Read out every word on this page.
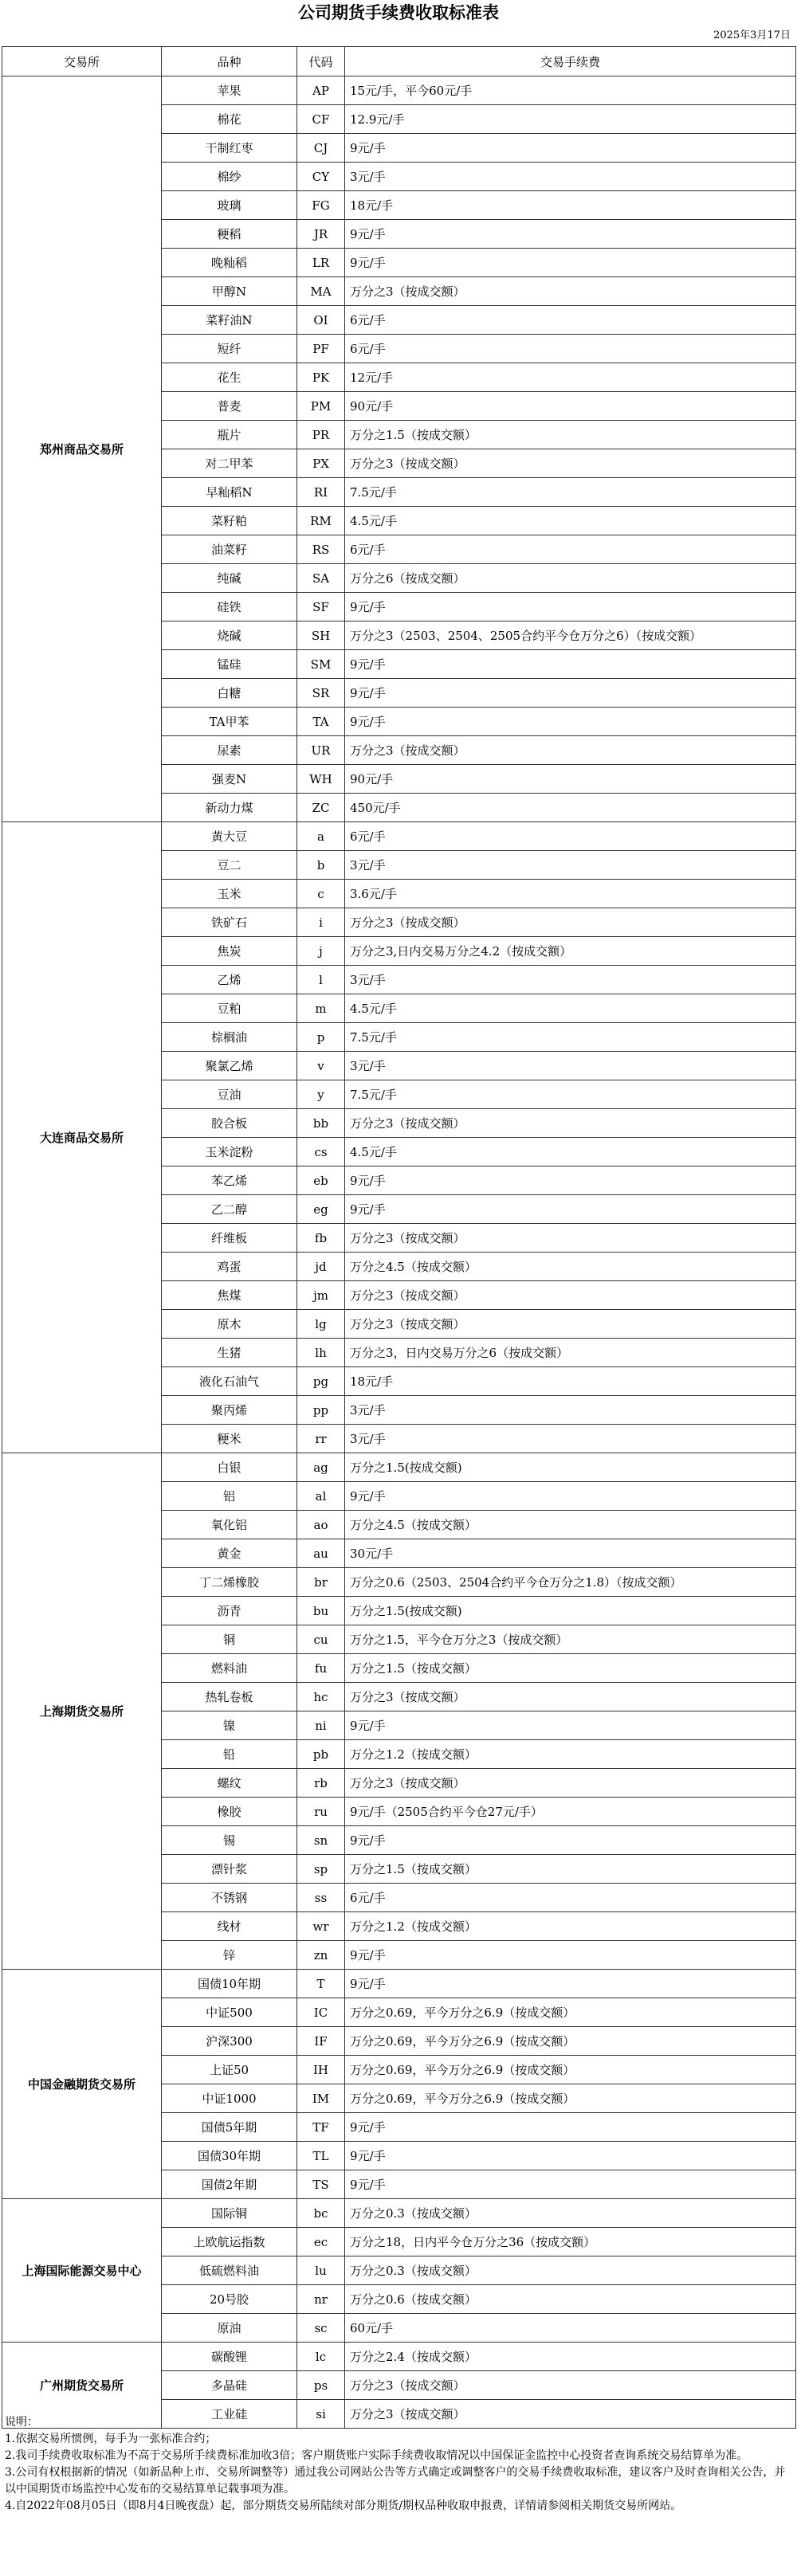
公司期货手续费收取标准表
2025年3月17日
交易所	品种	代码	交易手续费
郑州商品交易所	苹果	AP	15元/手，平今60元/手
	棉花	CF	12.9元/手
	干制红枣	CJ	9元/手
	棉纱	CY	3元/手
	玻璃	FG	18元/手
	粳稻	JR	9元/手
	晚籼稻	LR	9元/手
	甲醇N	MA	万分之3（按成交额）
	菜籽油N	OI	6元/手
	短纤	PF	6元/手
	花生	PK	12元/手
	普麦	PM	90元/手
	瓶片	PR	万分之1.5（按成交额）
	对二甲苯	PX	万分之3（按成交额）
	早籼稻N	RI	7.5元/手
	菜籽粕	RM	4.5元/手
	油菜籽	RS	6元/手
	纯碱	SA	万分之6（按成交额）
	硅铁	SF	9元/手
	烧碱	SH	万分之3（2503、2504、2505合约平今仓万分之6）（按成交额）
	锰硅	SM	9元/手
	白糖	SR	9元/手
	TA甲苯	TA	9元/手
	尿素	UR	万分之3（按成交额）
	强麦N	WH	90元/手
	新动力煤	ZC	450元/手
大连商品交易所	黄大豆	a	6元/手
	豆二	b	3元/手
	玉米	c	3.6元/手
	铁矿石	i	万分之3（按成交额）
	焦炭	j	万分之3,日内交易万分之4.2（按成交额）
	乙烯	l	3元/手
	豆粕	m	4.5元/手
	棕榈油	p	7.5元/手
	聚氯乙烯	v	3元/手
	豆油	y	7.5元/手
	胶合板	bb	万分之3（按成交额）
	玉米淀粉	cs	4.5元/手
	苯乙烯	eb	9元/手
	乙二醇	eg	9元/手
	纤维板	fb	万分之3（按成交额）
	鸡蛋	jd	万分之4.5（按成交额）
	焦煤	jm	万分之3（按成交额）
	原木	lg	万分之3（按成交额）
	生猪	lh	万分之3，日内交易万分之6（按成交额）
	液化石油气	pg	18元/手
	聚丙烯	pp	3元/手
	粳米	rr	3元/手
上海期货交易所	白银	ag	万分之1.5(按成交额)
	铝	al	9元/手
	氧化铝	ao	万分之4.5（按成交额）
	黄金	au	30元/手
	丁二烯橡胶	br	万分之0.6（2503、2504合约平今仓万分之1.8）（按成交额）
	沥青	bu	万分之1.5(按成交额)
	铜	cu	万分之1.5，平今仓万分之3（按成交额）
	燃料油	fu	万分之1.5（按成交额）
	热轧卷板	hc	万分之3（按成交额）
	镍	ni	9元/手
	铅	pb	万分之1.2（按成交额）
	螺纹	rb	万分之3（按成交额）
	橡胶	ru	9元/手（2505合约平今仓27元/手）
	锡	sn	9元/手
	漂针浆	sp	万分之1.5（按成交额）
	不锈钢	ss	6元/手
	线材	wr	万分之1.2（按成交额）
	锌	zn	9元/手
中国金融期货交易所	国债10年期	T	9元/手
	中证500	IC	万分之0.69，平今万分之6.9（按成交额）
	沪深300	IF	万分之0.69，平今万分之6.9（按成交额）
	上证50	IH	万分之0.69，平今万分之6.9（按成交额）
	中证1000	IM	万分之0.69，平今万分之6.9（按成交额）
	国债5年期	TF	9元/手
	国债30年期	TL	9元/手
	国债2年期	TS	9元/手
上海国际能源交易中心	国际铜	bc	万分之0.3（按成交额）
	上欧航运指数	ec	万分之18，日内平今仓万分之36（按成交额）
	低硫燃料油	lu	万分之0.3（按成交额）
	20号胶	nr	万分之0.6（按成交额）
	原油	sc	60元/手
广州期货交易所	碳酸锂	lc	万分之2.4（按成交额）
	多晶硅	ps	万分之3（按成交额）
	工业硅	si	万分之3（按成交额）
说明：
1.依据交易所惯例，每手为一张标准合约；
2.我司手续费收取标准为不高于交易所手续费标准加收3倍；客户期货账户实际手续费收取情况以中国保证金监控中心投资者查询系统交易结算单为准。
3.公司有权根据新的情况（如新品种上市、交易所调整等）通过我公司网站公告等方式确定或调整客户的交易手续费收取标准，建议客户及时查询相关公告，并以中国期货市场监控中心发布的交易结算单记载事项为准。
4.自2022年08月05日（即8月4日晚夜盘）起，部分期货交易所陆续对部分期货/期权品种收取申报费，详情请参阅相关期货交易所网站。
